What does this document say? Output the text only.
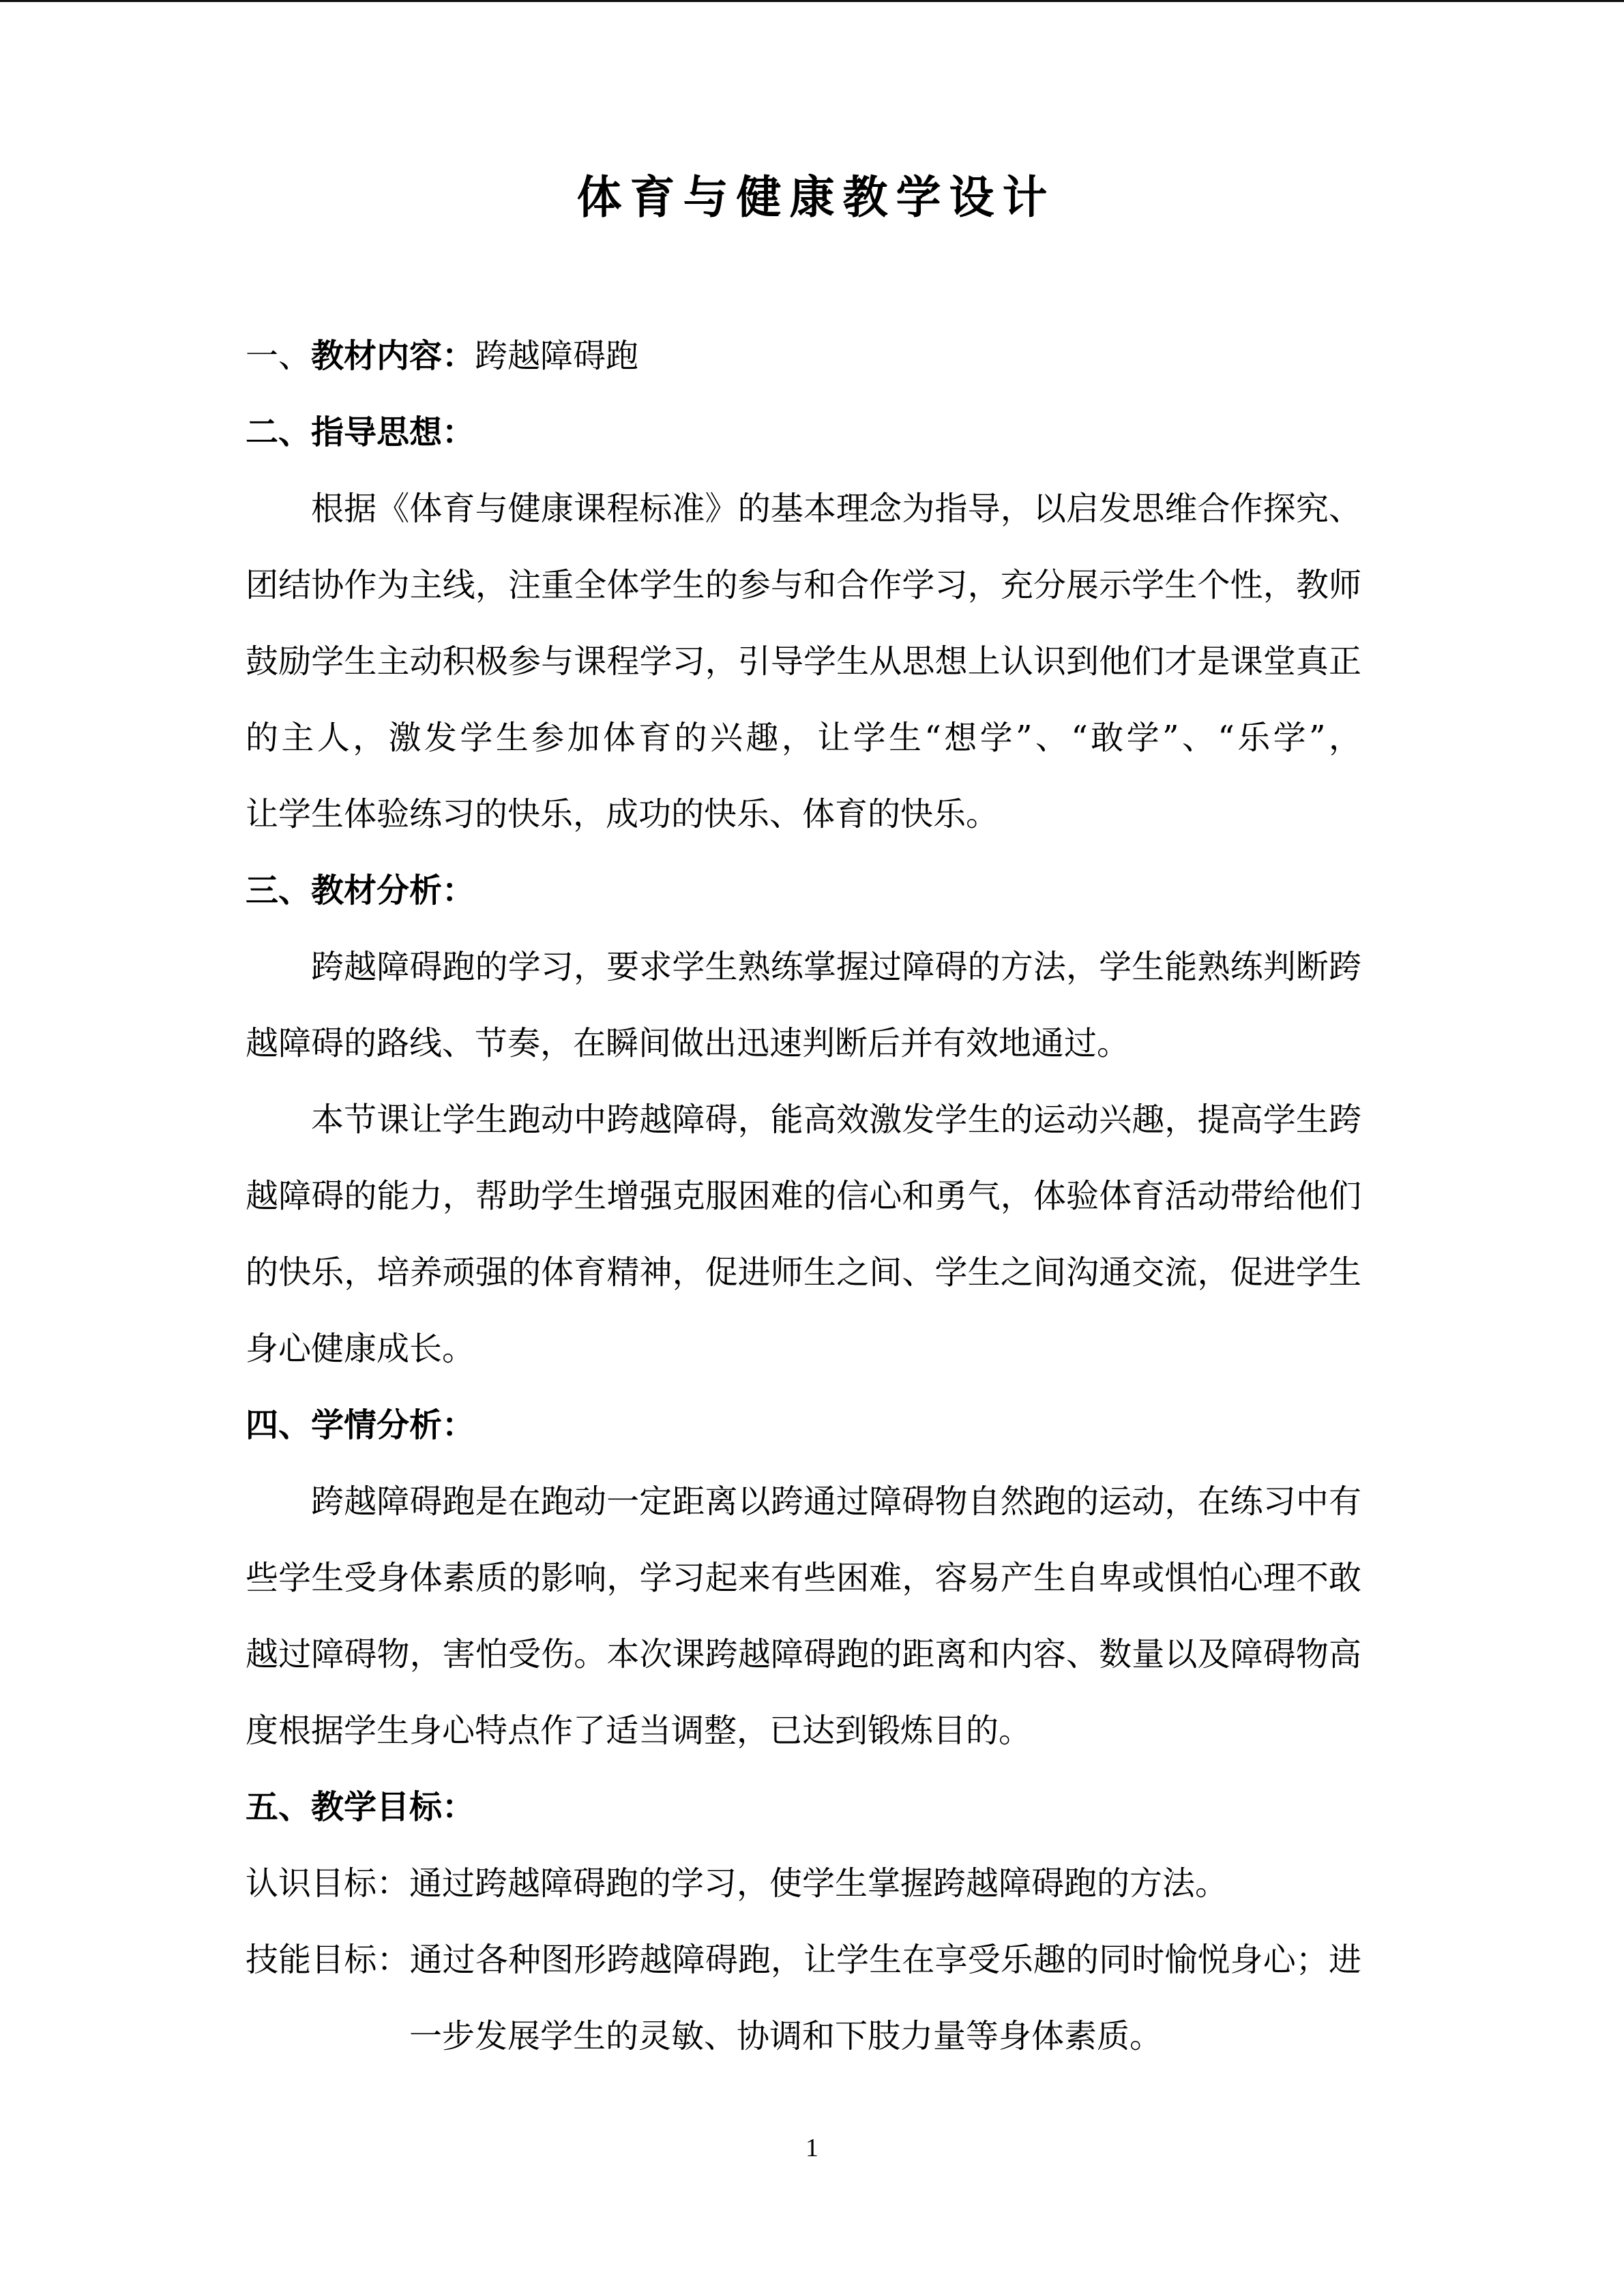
体育与健康教学设计
一、教材内容：跨越障碍跑
二、指导思想：
根据《体育与健康课程标准》的基本理念为指导，以启发思维合作探究、
团结协作为主线，注重全体学生的参与和合作学习，充分展示学生个性，教师
鼓励学生主动积极参与课程学习，引导学生从思想上认识到他们才是课堂真正
的主人，激发学生参加体育的兴趣，让学生“想学”、“敢学”、“乐学”，
让学生体验练习的快乐，成功的快乐、体育的快乐。
三、教材分析：
跨越障碍跑的学习，要求学生熟练掌握过障碍的方法，学生能熟练判断跨
越障碍的路线、节奏，在瞬间做出迅速判断后并有效地通过。
本节课让学生跑动中跨越障碍，能高效激发学生的运动兴趣，提高学生跨
越障碍的能力，帮助学生增强克服困难的信心和勇气，体验体育活动带给他们
的快乐，培养顽强的体育精神，促进师生之间、学生之间沟通交流，促进学生
身心健康成长。
四、学情分析：
跨越障碍跑是在跑动一定距离以跨通过障碍物自然跑的运动，在练习中有
些学生受身体素质的影响，学习起来有些困难，容易产生自卑或惧怕心理不敢
越过障碍物，害怕受伤。本次课跨越障碍跑的距离和内容、数量以及障碍物高
度根据学生身心特点作了适当调整，已达到锻炼目的。
五、教学目标：
认识目标：通过跨越障碍跑的学习，使学生掌握跨越障碍跑的方法。
技能目标：通过各种图形跨越障碍跑，让学生在享受乐趣的同时愉悦身心；进
一步发展学生的灵敏、协调和下肢力量等身体素质。
1
